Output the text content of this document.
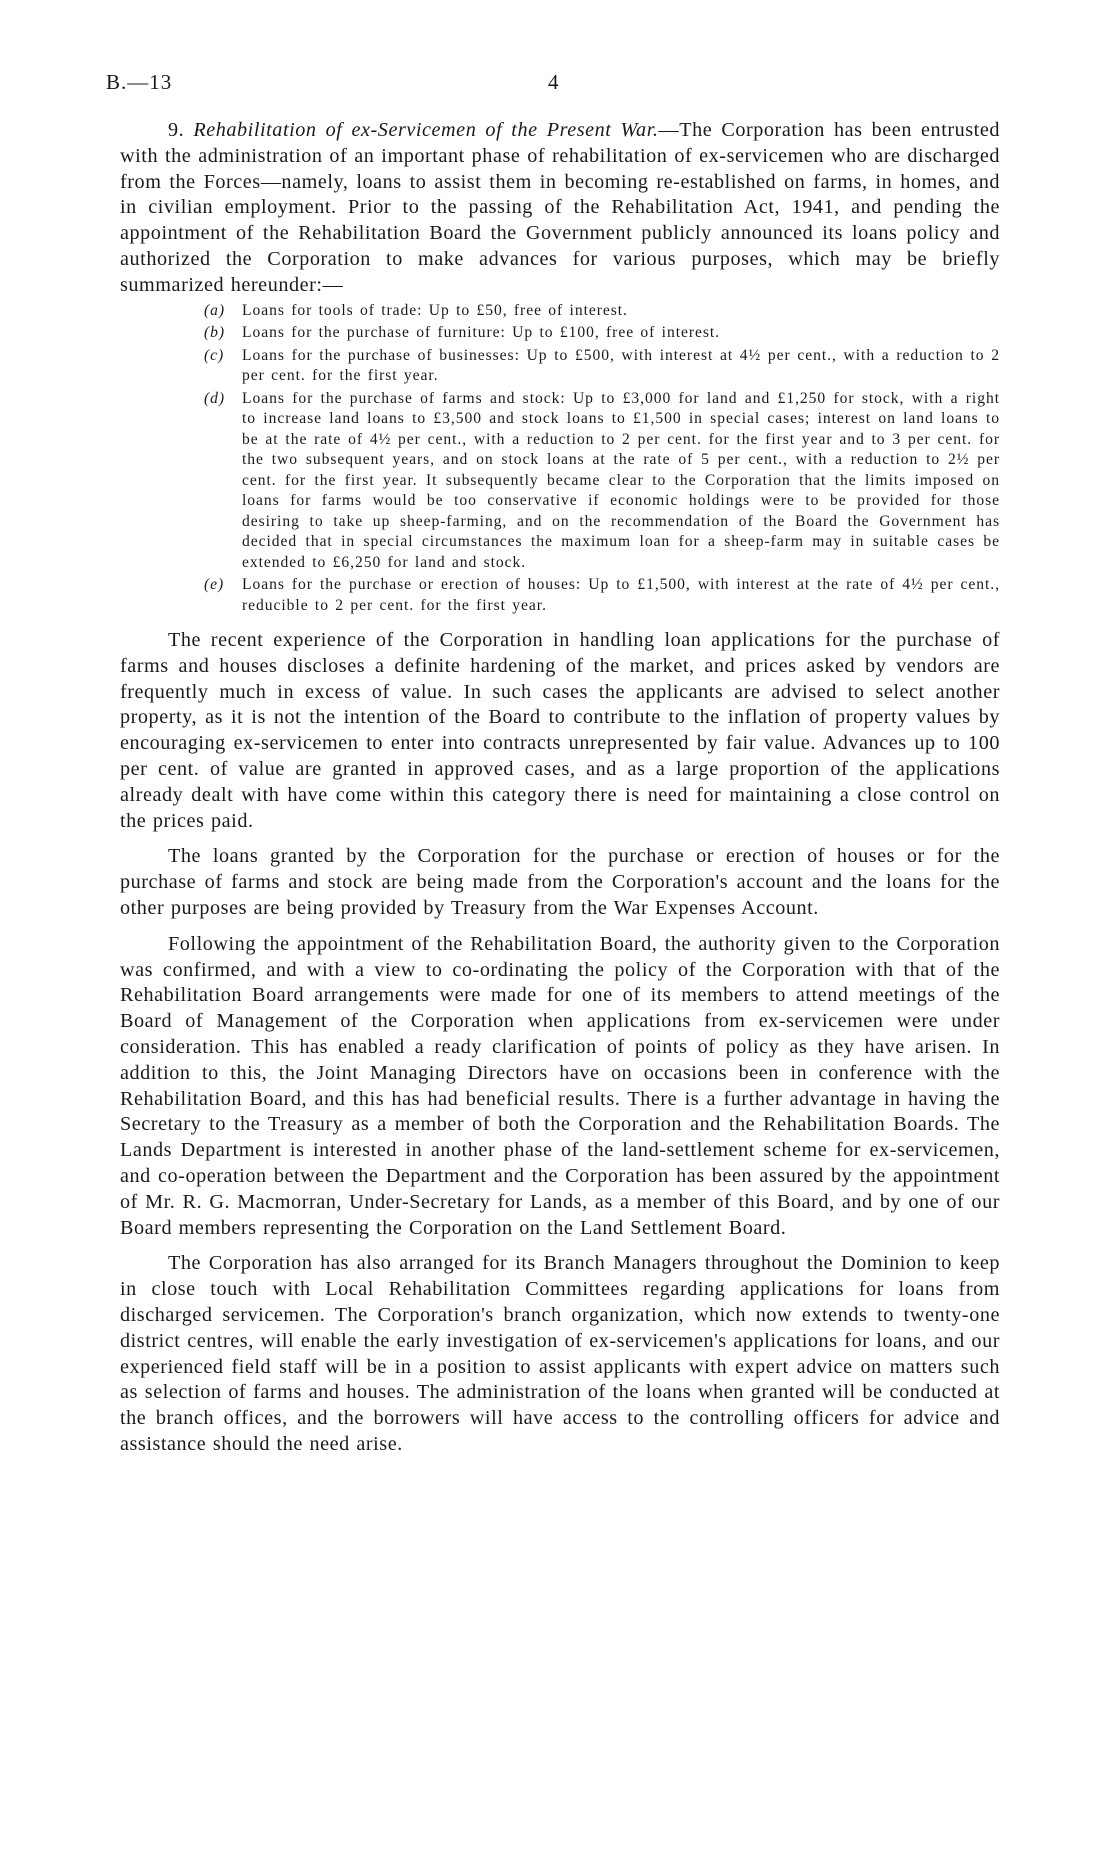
B.—13	4

9. Rehabilitation of ex-Servicemen of the Present War.—The Corporation has been entrusted with the administration of an important phase of rehabilitation of ex-servicemen who are discharged from the Forces—namely, loans to assist them in becoming re-established on farms, in homes, and in civilian employment. Prior to the passing of the Rehabilitation Act, 1941, and pending the appointment of the Rehabilitation Board the Government publicly announced its loans policy and authorized the Corporation to make advances for various purposes, which may be briefly summarized hereunder:—

(a) Loans for tools of trade: Up to £50, free of interest.
(b) Loans for the purchase of furniture: Up to £100, free of interest.
(c) Loans for the purchase of businesses: Up to £500, with interest at 4½ per cent., with a reduction to 2 per cent. for the first year.
(d) Loans for the purchase of farms and stock: Up to £3,000 for land and £1,250 for stock, with a right to increase land loans to £3,500 and stock loans to £1,500 in special cases; interest on land loans to be at the rate of 4½ per cent., with a reduction to 2 per cent. for the first year and to 3 per cent. for the two subsequent years, and on stock loans at the rate of 5 per cent., with a reduction to 2½ per cent. for the first year. It subsequently became clear to the Corporation that the limits imposed on loans for farms would be too conservative if economic holdings were to be provided for those desiring to take up sheep-farming, and on the recommendation of the Board the Government has decided that in special circumstances the maximum loan for a sheep-farm may in suitable cases be extended to £6,250 for land and stock.
(e) Loans for the purchase or erection of houses: Up to £1,500, with interest at the rate of 4½ per cent., reducible to 2 per cent. for the first year.

The recent experience of the Corporation in handling loan applications for the purchase of farms and houses discloses a definite hardening of the market, and prices asked by vendors are frequently much in excess of value. In such cases the applicants are advised to select another property, as it is not the intention of the Board to contribute to the inflation of property values by encouraging ex-servicemen to enter into contracts unrepresented by fair value. Advances up to 100 per cent. of value are granted in approved cases, and as a large proportion of the applications already dealt with have come within this category there is need for maintaining a close control on the prices paid.

The loans granted by the Corporation for the purchase or erection of houses or for the purchase of farms and stock are being made from the Corporation's account and the loans for the other purposes are being provided by Treasury from the War Expenses Account.

Following the appointment of the Rehabilitation Board, the authority given to the Corporation was confirmed, and with a view to co-ordinating the policy of the Corporation with that of the Rehabilitation Board arrangements were made for one of its members to attend meetings of the Board of Management of the Corporation when applications from ex-servicemen were under consideration. This has enabled a ready clarification of points of policy as they have arisen. In addition to this, the Joint Managing Directors have on occasions been in conference with the Rehabilitation Board, and this has had beneficial results. There is a further advantage in having the Secretary to the Treasury as a member of both the Corporation and the Rehabilitation Boards. The Lands Department is interested in another phase of the land-settlement scheme for ex-servicemen, and co-operation between the Department and the Corporation has been assured by the appointment of Mr. R. G. Macmorran, Under-Secretary for Lands, as a member of this Board, and by one of our Board members representing the Corporation on the Land Settlement Board.

The Corporation has also arranged for its Branch Managers throughout the Dominion to keep in close touch with Local Rehabilitation Committees regarding applications for loans from discharged servicemen. The Corporation's branch organization, which now extends to twenty-one district centres, will enable the early investigation of ex-servicemen's applications for loans, and our experienced field staff will be in a position to assist applicants with expert advice on matters such as selection of farms and houses. The administration of the loans when granted will be conducted at the branch offices, and the borrowers will have access to the controlling officers for advice and assistance should the need arise.
